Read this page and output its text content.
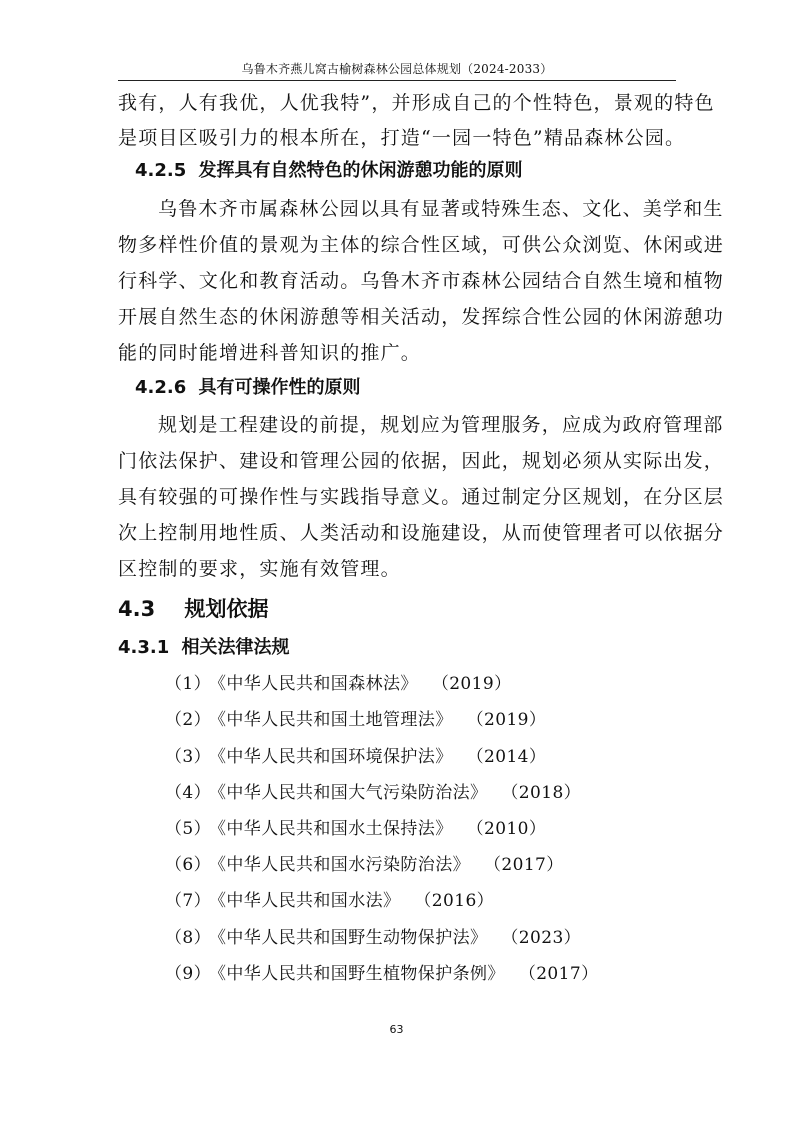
乌鲁木齐燕儿窝古榆树森林公园总体规划（2024-2033）
我有，人有我优，人优我特”，并形成自己的个性特色，景观的特色
是项目区吸引力的根本所在，打造“一园一特色”精品森林公园。
4.2.5 发挥具有自然特色的休闲游憩功能的原则
乌鲁木齐市属森林公园以具有显著或特殊生态、文化、美学和生
物多样性价值的景观为主体的综合性区域，可供公众浏览、休闲或进
行科学、文化和教育活动。乌鲁木齐市森林公园结合自然生境和植物
开展自然生态的休闲游憩等相关活动，发挥综合性公园的休闲游憩功
能的同时能增进科普知识的推广。
4.2.6 具有可操作性的原则
规划是工程建设的前提，规划应为管理服务，应成为政府管理部
门依法保护、建设和管理公园的依据，因此，规划必须从实际出发，
具有较强的可操作性与实践指导意义。通过制定分区规划，在分区层
次上控制用地性质、人类活动和设施建设，从而使管理者可以依据分
区控制的要求，实施有效管理。
4.3 规划依据
4.3.1 相关法律法规
（1）《中华人民共和国森林法》 （2019）
（2）《中华人民共和国土地管理法》 （2019）
（3）《中华人民共和国环境保护法》 （2014）
（4）《中华人民共和国大气污染防治法》 （2018）
（5）《中华人民共和国水土保持法》 （2010）
（6）《中华人民共和国水污染防治法》 （2017）
（7）《中华人民共和国水法》 （2016）
（8）《中华人民共和国野生动物保护法》 （2023）
（9）《中华人民共和国野生植物保护条例》 （2017）
63
